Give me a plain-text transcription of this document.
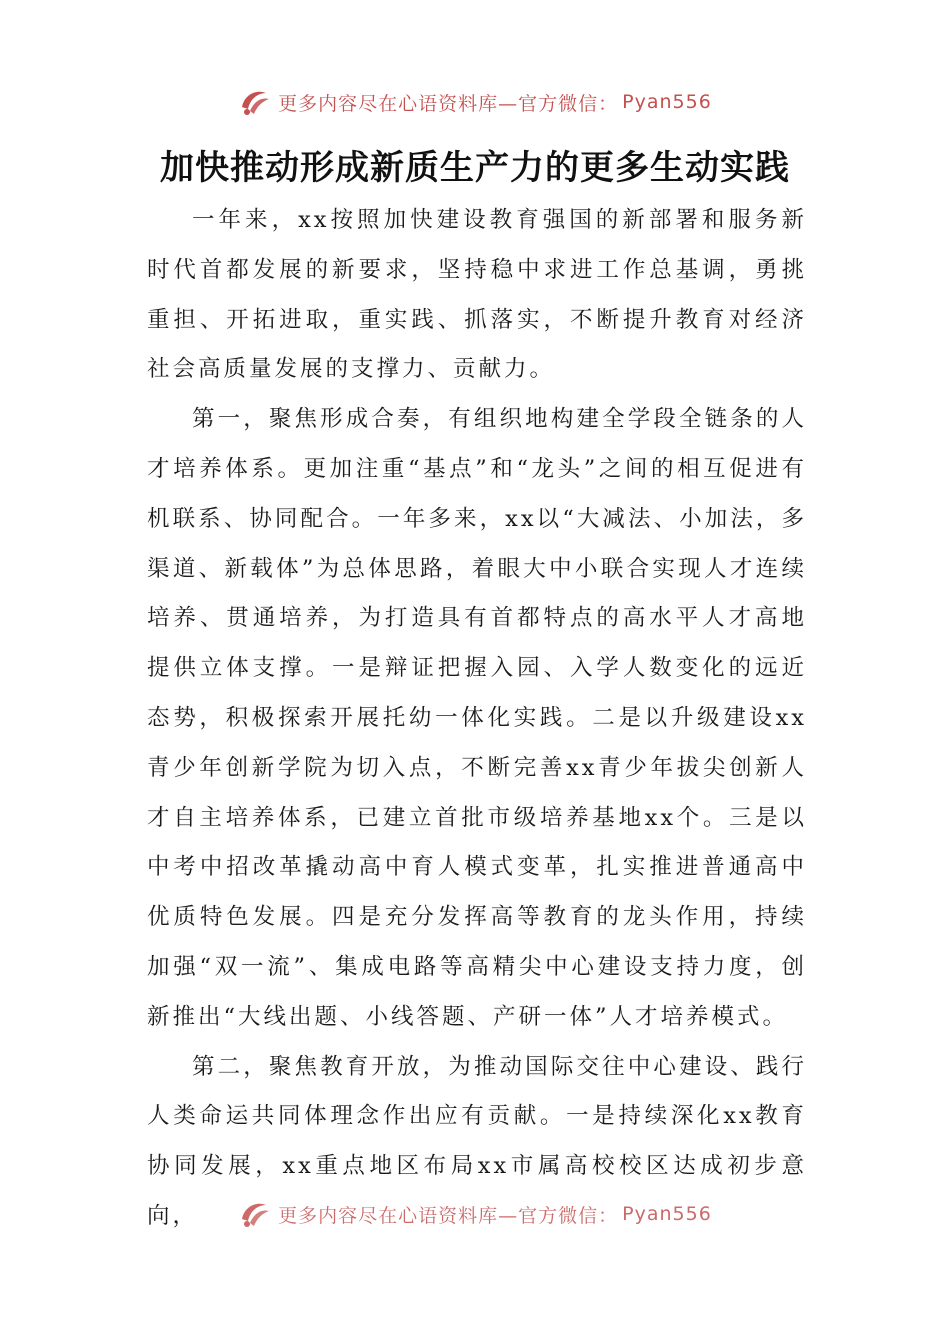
更多内容尽在心语资料库—官方微信： Pyan556
加快推动形成新质生产力的更多生动实践

一年来，xx按照加快建设教育强国的新部署和服务新时代首都发展的新要求，坚持稳中求进工作总基调，勇挑重担、开拓进取，重实践、抓落实，不断提升教育对经济社会高质量发展的支撑力、贡献力。

第一，聚焦形成合奏，有组织地构建全学段全链条的人才培养体系。更加注重“基点”和“龙头”之间的相互促进有机联系、协同配合。一年多来，xx以“大减法、小加法，多渠道、新载体”为总体思路，着眼大中小联合实现人才连续培养、贯通培养，为打造具有首都特点的高水平人才高地提供立体支撑。一是辩证把握入园、入学人数变化的远近态势，积极探索开展托幼一体化实践。二是以升级建设xx青少年创新学院为切入点，不断完善xx青少年拔尖创新人才自主培养体系，已建立首批市级培养基地xx个。三是以中考中招改革撬动高中育人模式变革，扎实推进普通高中优质特色发展。四是充分发挥高等教育的龙头作用，持续加强“双一流”、集成电路等高精尖中心建设支持力度，创新推出“大线出题、小线答题、产研一体”人才培养模式。

第二，聚焦教育开放，为推动国际交往中心建设、践行人类命运共同体理念作出应有贡献。一是持续深化xx教育协同发展，xx重点地区布局xx市属高校校区达成初步意向，	更多内容尽在心语资料库—官方微信： Pyan556
